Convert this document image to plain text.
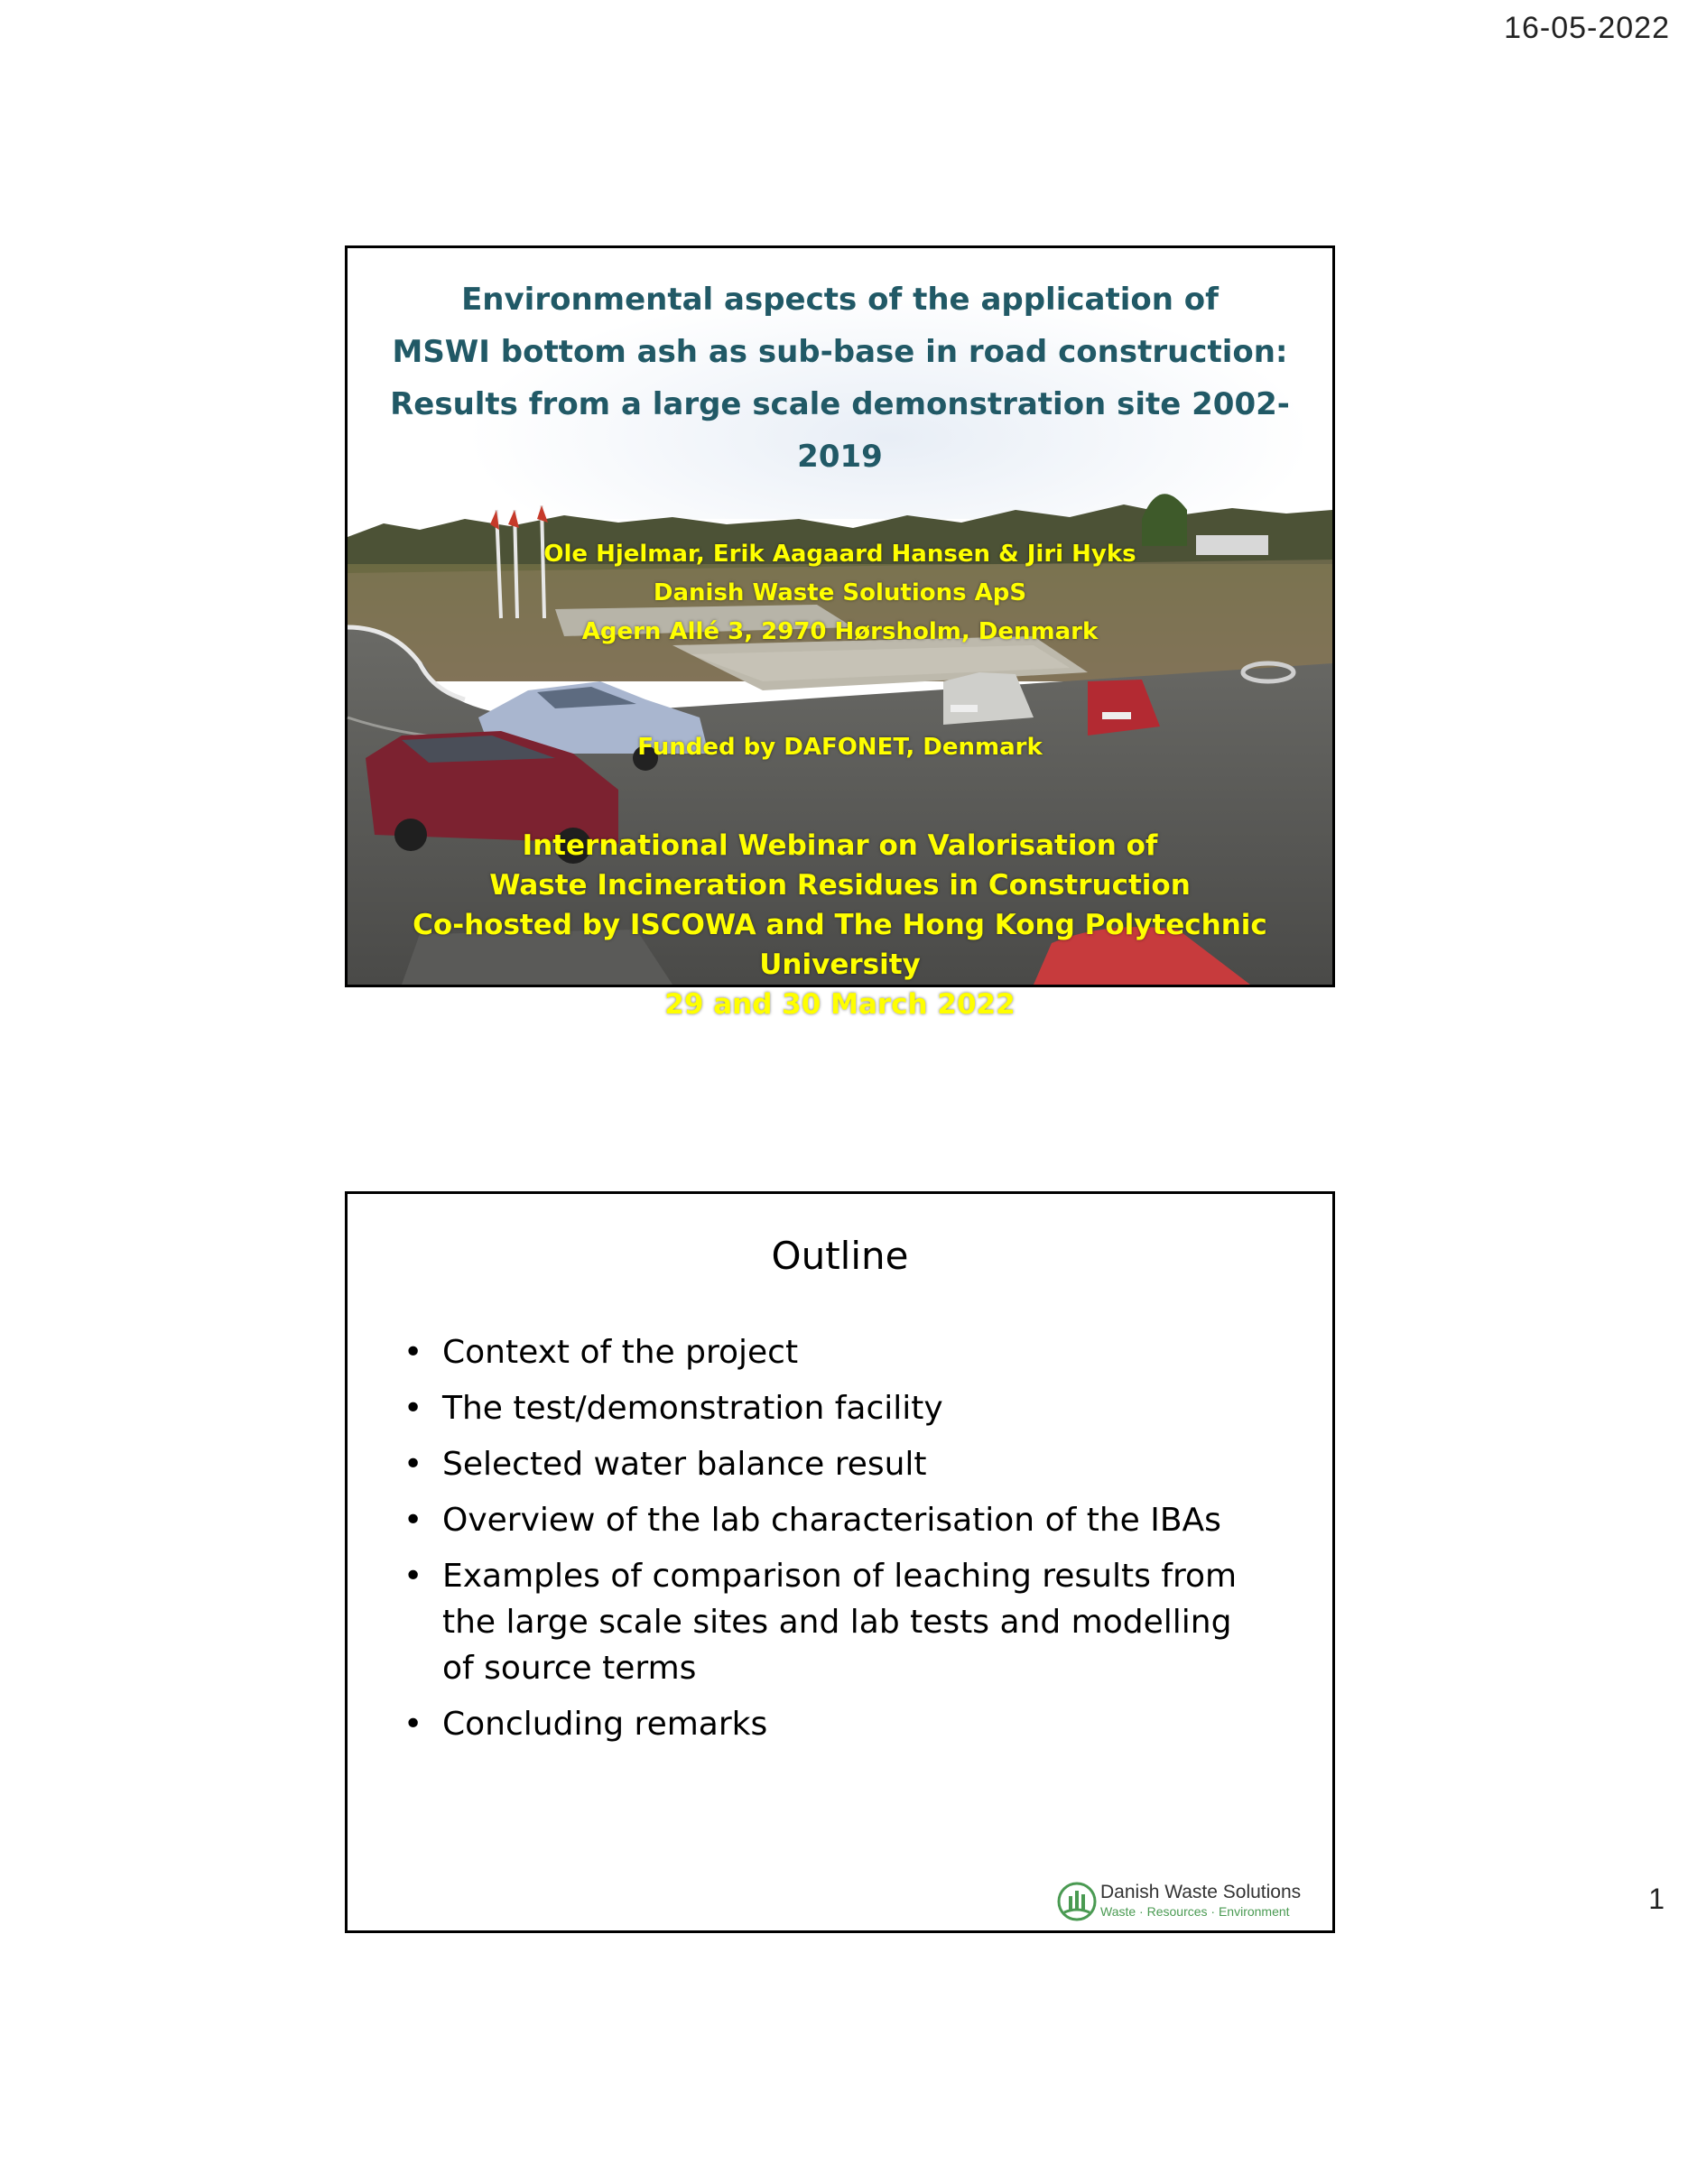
16-05-2022
Environmental aspects of the application of
MSWI bottom ash as sub-base in road construction:
Results from a large scale demonstration site 2002-2019
Ole Hjelmar, Erik Aagaard Hansen & Jiri Hyks
Danish Waste Solutions ApS
Agern Allé 3, 2970 Hørsholm, Denmark
Funded by DAFONET, Denmark
International Webinar on Valorisation of
Waste Incineration Residues in Construction
Co-hosted by ISCOWA and The Hong Kong Polytechnic University
29 and 30 March 2022
Outline
• Context of the project
• The test/demonstration facility
• Selected water balance result
• Overview of the lab characterisation of the IBAs
• Examples of comparison of leaching results from the large scale sites and lab tests and modelling of source terms
• Concluding remarks
Danish Waste Solutions
Waste · Resources · Environment	1
